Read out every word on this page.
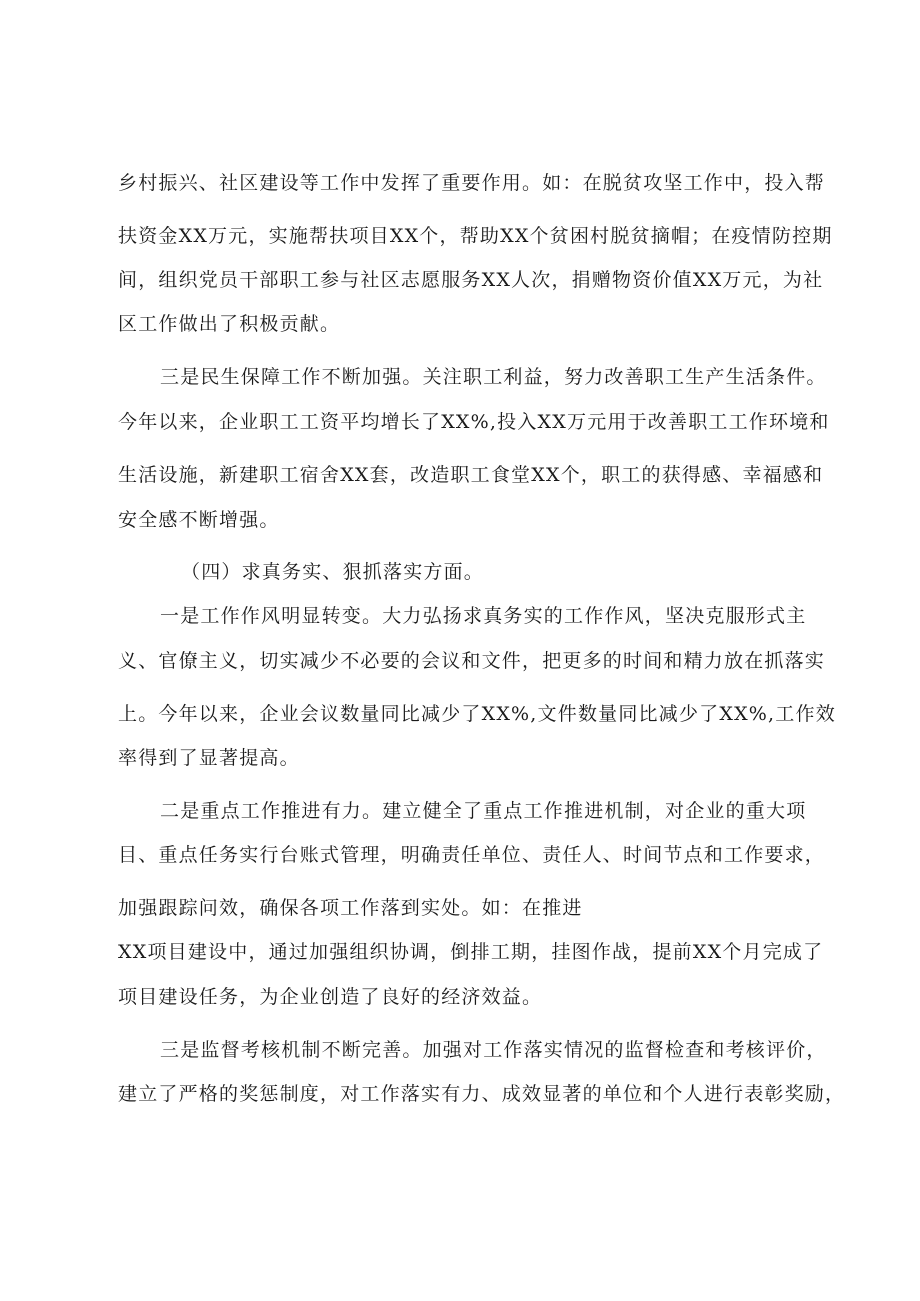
乡村振兴、社区建设等工作中发挥了重要作用。如：在脱贫攻坚工作中，投入帮
扶资金XX万元，实施帮扶项目XX个，帮助XX个贫困村脱贫摘帽；在疫情防控期
间，组织党员干部职工参与社区志愿服务XX人次，捐赠物资价值XX万元，为社
区工作做出了积极贡献。
三是民生保障工作不断加强。关注职工利益，努力改善职工生产生活条件。
今年以来，企业职工工资平均增长了XX%,投入XX万元用于改善职工工作环境和
生活设施，新建职工宿舍XX套，改造职工食堂XX个，职工的获得感、幸福感和
安全感不断增强。
（四）求真务实、狠抓落实方面。
一是工作作风明显转变。大力弘扬求真务实的工作作风，坚决克服形式主
义、官僚主义，切实减少不必要的会议和文件，把更多的时间和精力放在抓落实
上。今年以来，企业会议数量同比减少了XX%,文件数量同比减少了XX%,工作效
率得到了显著提高。
二是重点工作推进有力。建立健全了重点工作推进机制，对企业的重大项
目、重点任务实行台账式管理，明确责任单位、责任人、时间节点和工作要求，
加强跟踪问效，确保各项工作落到实处。如：在推进
XX项目建设中，通过加强组织协调，倒排工期，挂图作战，提前XX个月完成了
项目建设任务，为企业创造了良好的经济效益。
三是监督考核机制不断完善。加强对工作落实情况的监督检查和考核评价，
建立了严格的奖惩制度，对工作落实有力、成效显著的单位和个人进行表彰奖励，
